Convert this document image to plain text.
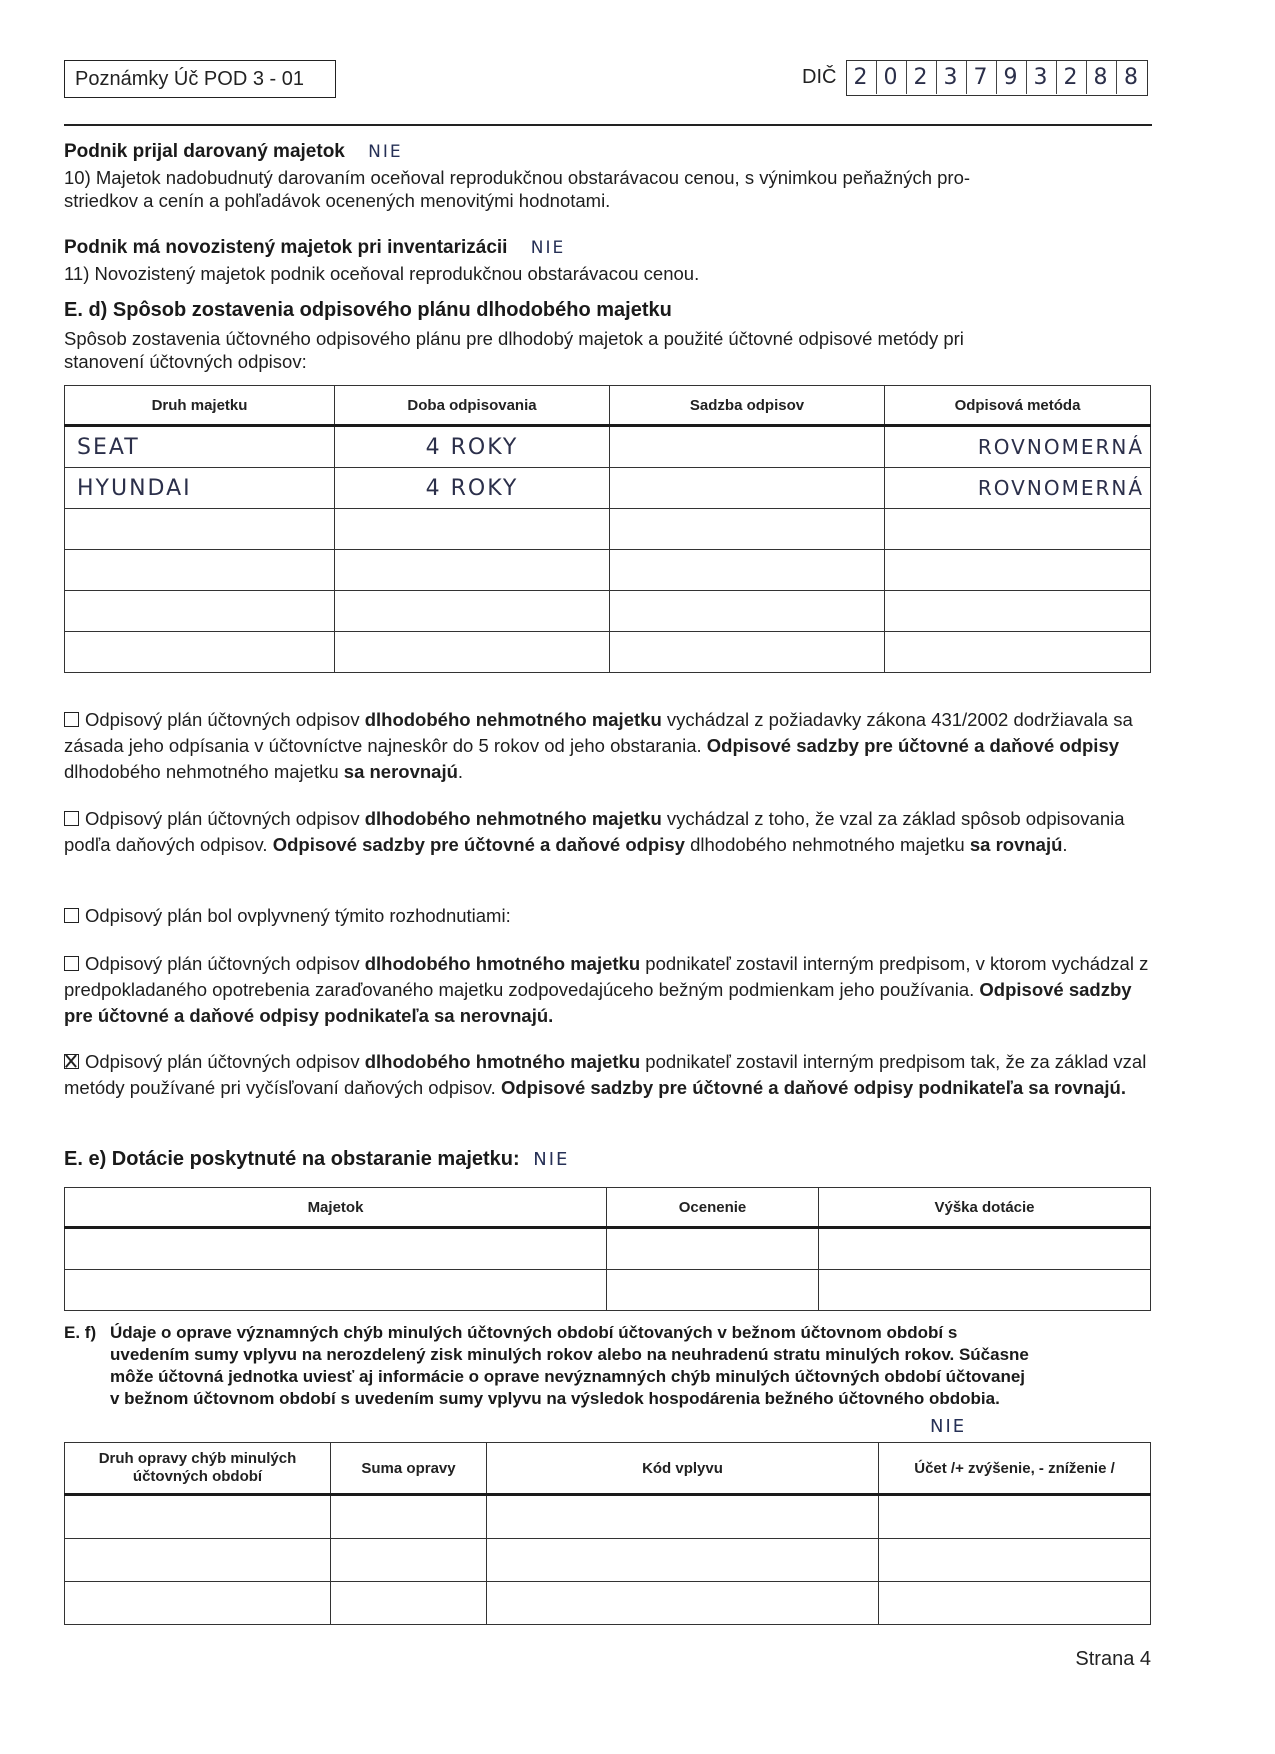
Poznámky Úč POD 3 - 01	DIČ 2 0 2 3 7 9 3 2 8 8
Podnik prijal darovaný majetok NIE
10) Majetok nadobudnutý darovaním oceňoval reprodukčnou obstarávacou cenou, s výnimkou peňažných pro-
striedkov a cenín a pohľadávok ocenených menovitými hodnotami.
Podnik má novozistený majetok pri inventarizácii NIE
11) Novozistený majetok podnik oceňoval reprodukčnou obstarávacou cenou.
E. d) Spôsob zostavenia odpisového plánu dlhodobého majetku
Spôsob zostavenia účtovného odpisového plánu pre dlhodobý majetok a použité účtovné odpisové metódy pri
stanovení účtovných odpisov:
Druh majetku	Doba odpisovania	Sadzba odpisov	Odpisová metóda
SEAT	4 ROKY		ROVNOMERNÁ
HYUNDAI	4 ROKY		ROVNOMERNÁ

Odpisový plán účtovných odpisov dlhodobého nehmotného majetku vychádzal z požiadavky zákona 431/2002 dodržiavala sa zásada jeho odpísania v účtovníctve najneskôr do 5 rokov od jeho obstarania. Odpisové sadzby pre účtovné a daňové odpisy dlhodobého nehmotného majetku sa nerovnajú.
Odpisový plán účtovných odpisov dlhodobého nehmotného majetku vychádzal z toho, že vzal za základ spôsob odpisovania podľa daňových odpisov. Odpisové sadzby pre účtovné a daňové odpisy dlhodobého nehmotného majetku sa rovnajú.
Odpisový plán bol ovplyvnený týmito rozhodnutiami:
Odpisový plán účtovných odpisov dlhodobého hmotného majetku podnikateľ zostavil interným predpisom, v ktorom vychádzal z predpokladaného opotrebenia zaraďovaného majetku zodpovedajúceho bežným podmienkam jeho používania. Odpisové sadzby pre účtovné a daňové odpisy podnikateľa sa nerovnajú.
Odpisový plán účtovných odpisov dlhodobého hmotného majetku podnikateľ zostavil interným predpisom tak, že za základ vzal metódy používané pri vyčísľovaní daňových odpisov. Odpisové sadzby pre účtovné a daňové odpisy podnikateľa sa rovnajú.
E. e) Dotácie poskytnuté na obstaranie majetku: NIE
Majetok	Ocenenie	Výška dotácie

E. f) Údaje o oprave významných chýb minulých účtovných období účtovaných v bežnom účtovnom období s
uvedením sumy vplyvu na nerozdelený zisk minulých rokov alebo na neuhradenú stratu minulých rokov. Súčasne
môže účtovná jednotka uviesť aj informácie o oprave nevýznamných chýb minulých účtovných období účtovanej
v bežnom účtovnom období s uvedením sumy vplyvu na výsledok hospodárenia bežného účtovného obdobia.
NIE
Druh opravy chýb minulých účtovných období	Suma opravy	Kód vplyvu	Účet /+ zvýšenie, - zníženie /

Strana 4
